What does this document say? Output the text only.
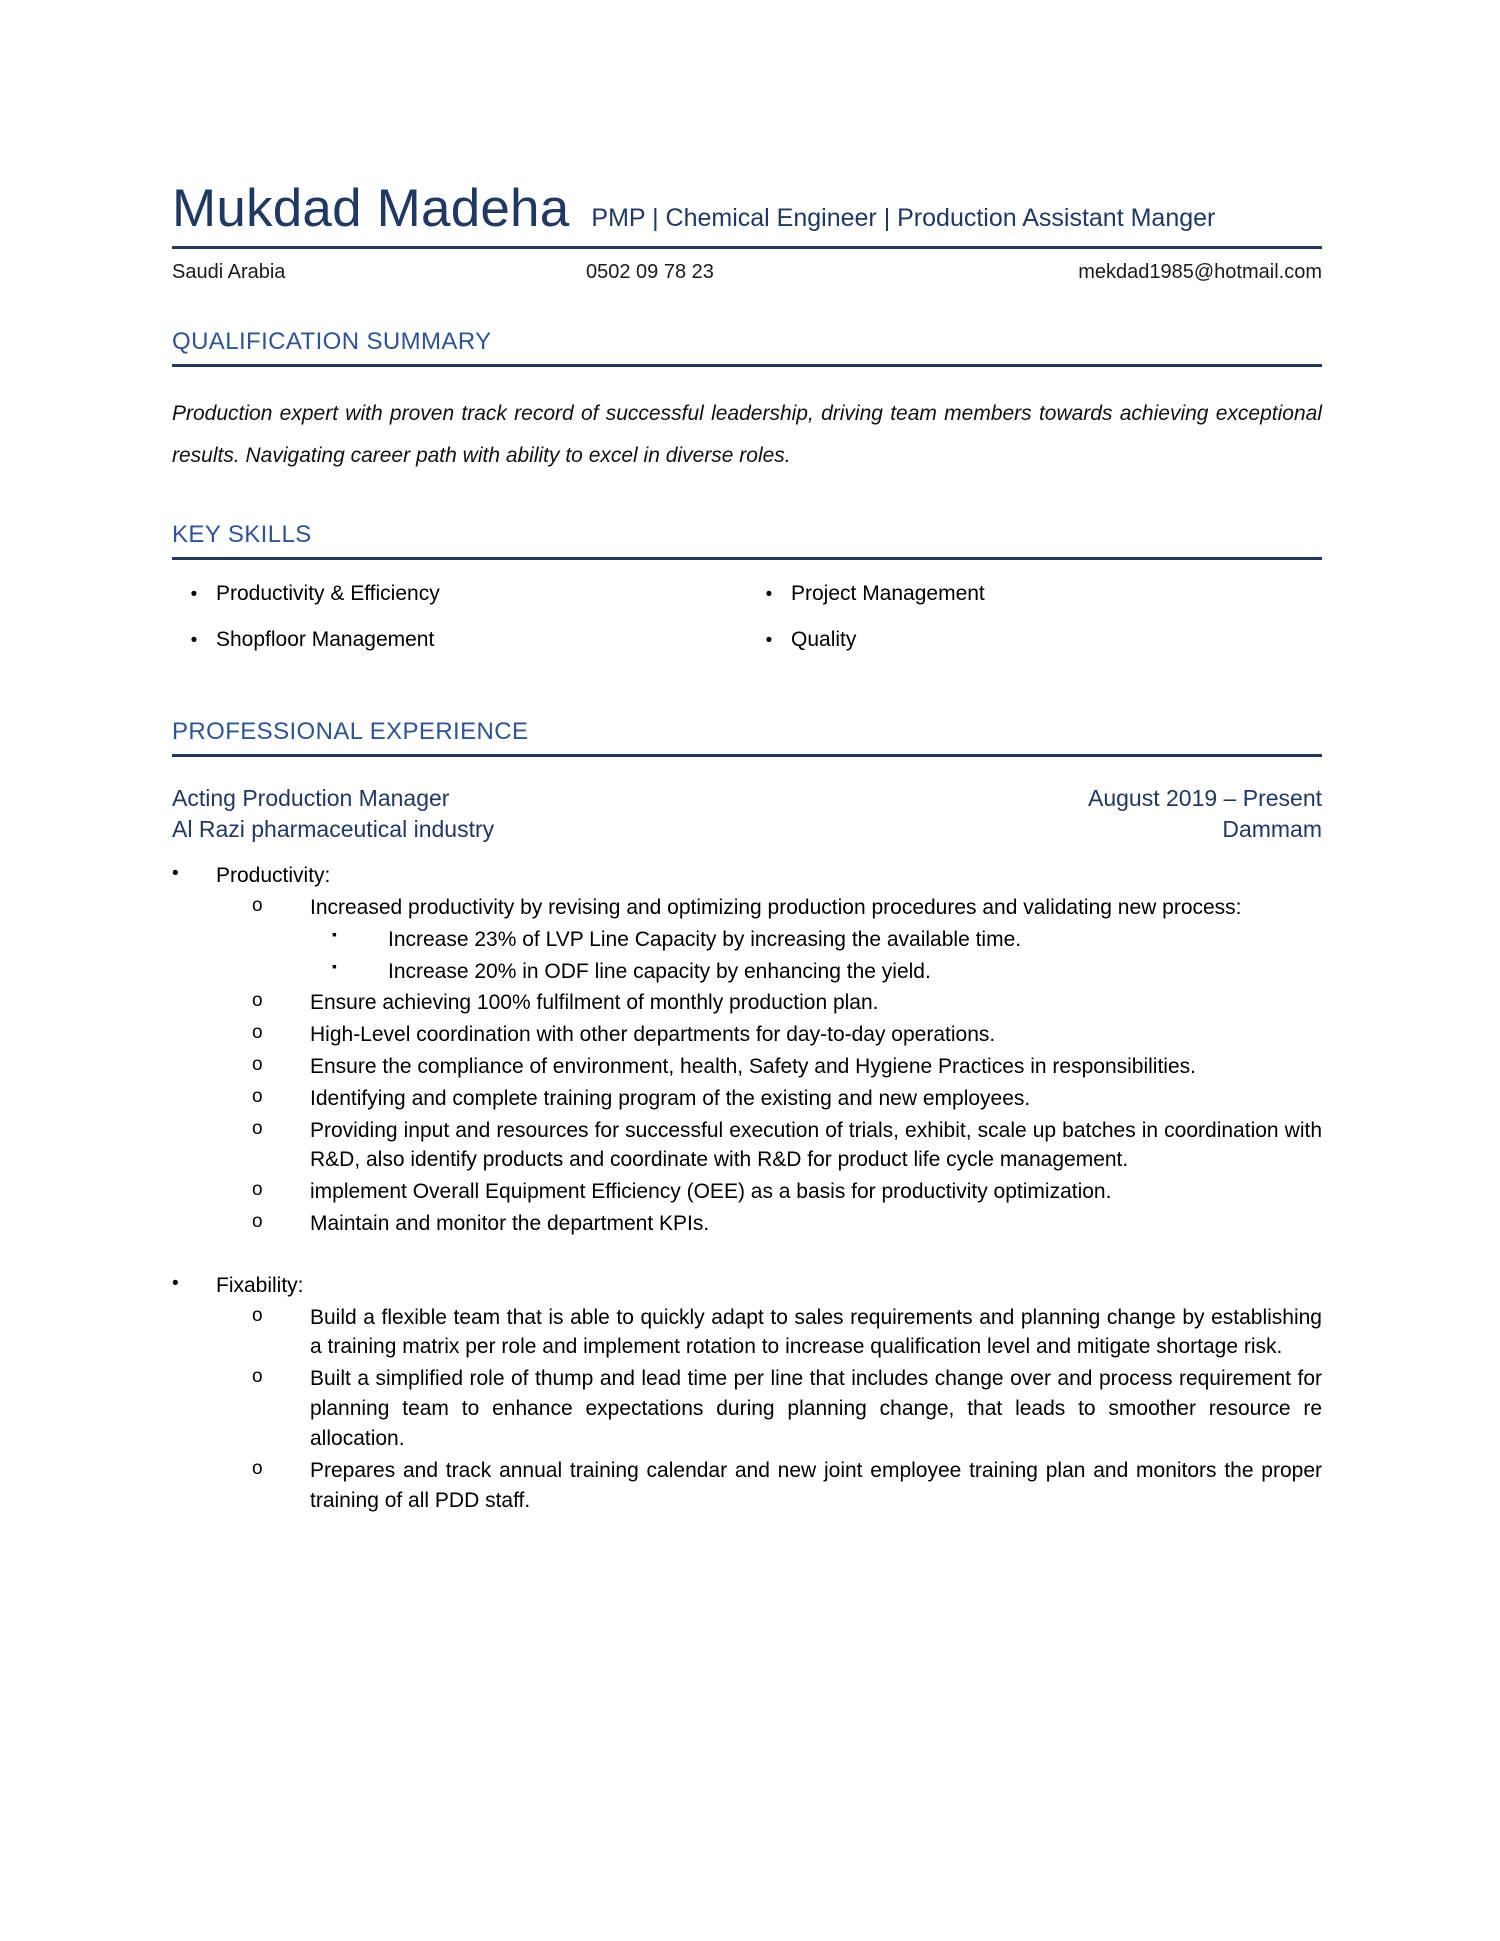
Mukdad Madeha PMP | Chemical Engineer | Production Assistant Manger
Saudi Arabia	0502 09 78 23	mekdad1985@hotmail.com
QUALIFICATION SUMMARY
Production expert with proven track record of successful leadership, driving team members towards achieving exceptional results. Navigating career path with ability to excel in diverse roles.
KEY SKILLS
• Productivity & Efficiency
• Shopfloor Management
• Project Management
• Quality
PROFESSIONAL EXPERIENCE
Acting Production Manager	August 2019 – Present
Al Razi pharmaceutical industry	Dammam
•	Productivity:
o	Increased productivity by revising and optimizing production procedures and validating new process:
▪	Increase 23% of LVP Line Capacity by increasing the available time.
▪	Increase 20% in ODF line capacity by enhancing the yield.
o	Ensure achieving 100% fulfilment of monthly production plan.
o	High-Level coordination with other departments for day-to-day operations.
o	Ensure the compliance of environment, health, Safety and Hygiene Practices in responsibilities.
o	Identifying and complete training program of the existing and new employees.
o	Providing input and resources for successful execution of trials, exhibit, scale up batches in coordination with R&D, also identify products and coordinate with R&D for product life cycle management.
o	implement Overall Equipment Efficiency (OEE) as a basis for productivity optimization.
o	Maintain and monitor the department KPIs.
•	Fixability:
o	Build a flexible team that is able to quickly adapt to sales requirements and planning change by establishing a training matrix per role and implement rotation to increase qualification level and mitigate shortage risk.
o	Built a simplified role of thump and lead time per line that includes change over and process requirement for planning team to enhance expectations during planning change, that leads to smoother resource re allocation.
o	Prepares and track annual training calendar and new joint employee training plan and monitors the proper training of all PDD staff.
